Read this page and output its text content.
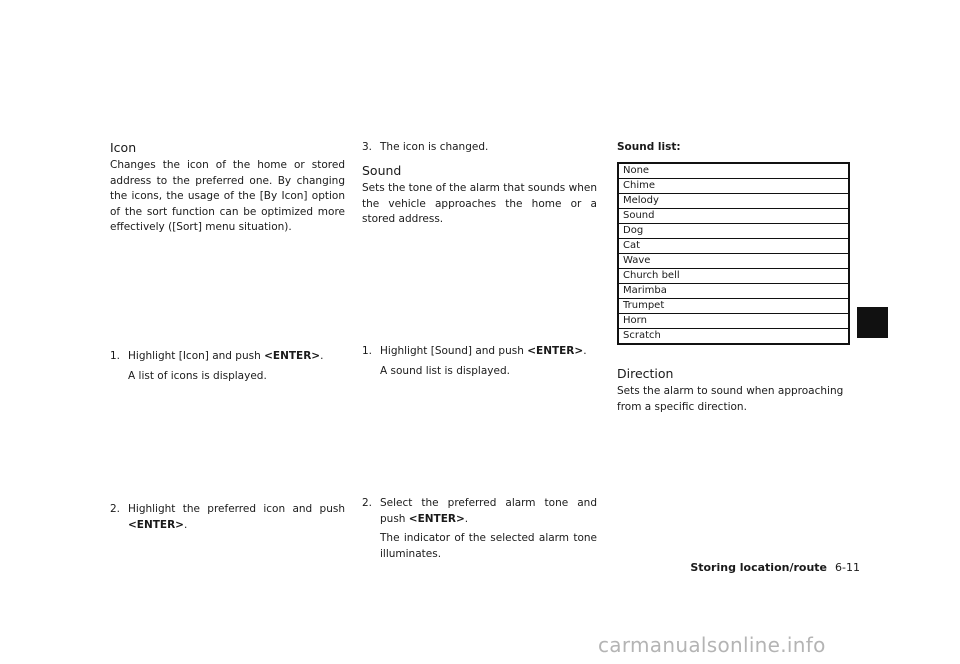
Icon

Changes the icon of the home or stored address to the preferred one. By changing the icons, the usage of the [By Icon] option of the sort function can be optimized more effectively ([Sort] menu situation).

1. Highlight [Icon] and push <ENTER>.
A list of icons is displayed.
2. Highlight the preferred icon and push <ENTER>.
3. The icon is changed.
Sound

Sets the tone of the alarm that sounds when the vehicle approaches the home or a stored address.

1. Highlight [Sound] and push <ENTER>.
A sound list is displayed.
2. Select the preferred alarm tone and push <ENTER>.
The indicator of the selected alarm tone illuminates.
Sound list:
None
Chime
Melody
Sound
Dog
Cat
Wave
Church bell
Marimba
Trumpet
Horn
Scratch
Direction

Sets the alarm to sound when approaching from a specific direction.

Storing location/route 6-11
carmanualsonline.info
